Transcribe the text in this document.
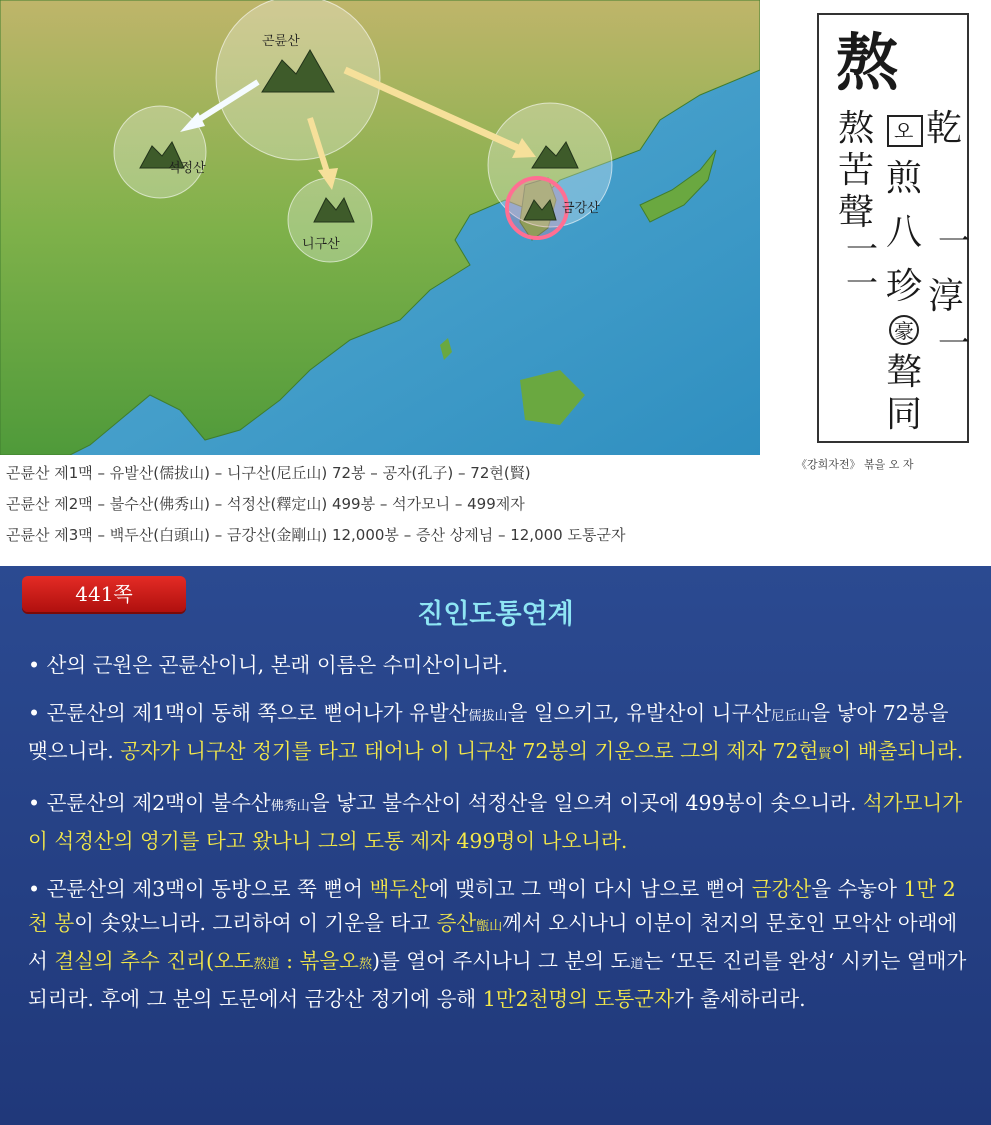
곤륜산
석정산
니구산
금강산
熬
熬
苦
聲
一
一
오 乾
煎
八
珍
一
淳
一
豪
聱
同
《강희자전》 볶을 오 자
곤륜산 제1맥 – 유발산(儒拔山) – 니구산(尼丘山) 72봉 – 공자(孔子) – 72현(賢)
곤륜산 제2맥 – 불수산(佛秀山) – 석정산(釋定山) 499봉 – 석가모니 – 499제자
곤륜산 제3맥 – 백두산(白頭山) – 금강산(金剛山) 12,000봉 – 증산 상제님 – 12,000 도통군자
441쪽
진인도통연계

• 산의 근원은 곤륜산이니, 본래 이름은 수미산이니라.

• 곤륜산의 제1맥이 동해 쪽으로 뻗어나가 유발산儒拔山을 일으키고, 유발산이 니구산尼丘山을 낳아 72봉을 맺으니라. 공자가 니구산 정기를 타고 태어나 이 니구산 72봉의 기운으로 그의 제자 72현賢이 배출되니라.

• 곤륜산의 제2맥이 불수산佛秀山을 낳고 불수산이 석정산을 일으켜 이곳에 499봉이 솟으니라. 석가모니가 이 석정산의 영기를 타고 왔나니 그의 도통 제자 499명이 나오니라.

• 곤륜산의 제3맥이 동방으로 쭉 뻗어 백두산에 맺히고 그 맥이 다시 남으로 뻗어 금강산을 수놓아 1만 2천 봉이 솟았느니라. 그리하여 이 기운을 타고 증산甑山께서 오시나니 이분이 천지의 문호인 모악산 아래에서 결실의 추수 진리(오도熬道 : 볶을오熬)를 열어 주시나니 그 분의 도道는 ‘모든 진리를 완성‘ 시키는 열매가 되리라. 후에 그 분의 도문에서 금강산 정기에 응해 1만2천명의 도통군자가 출세하리라.
